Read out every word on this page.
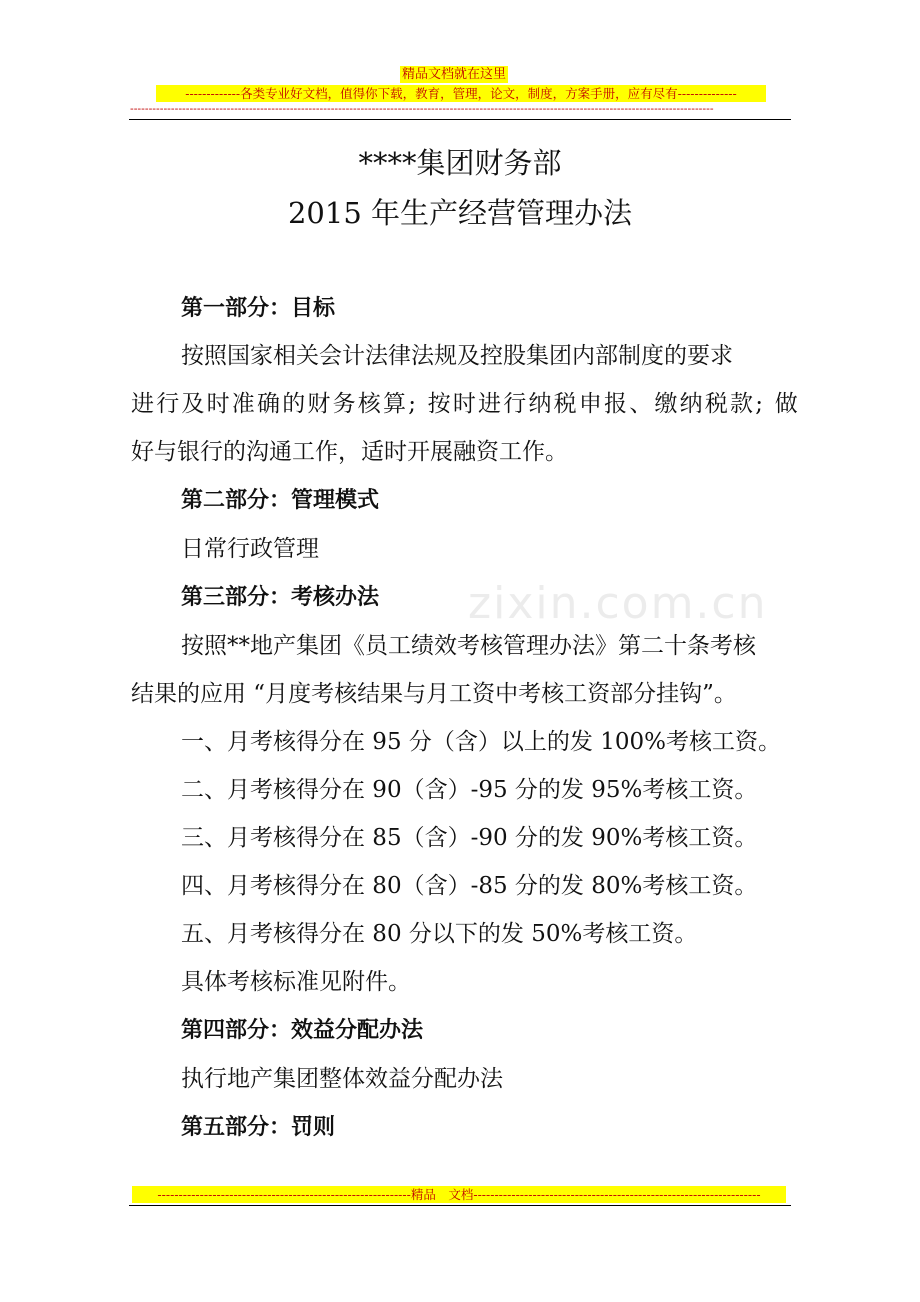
精品文档就在这里
-------------各类专业好文档，值得你下载，教育，管理，论文，制度，方案手册，应有尽有--------------
-------------------------------------------------------------------------------------------------------------------------------------------------------------
zixin.com.cn
****集团财务部
2015 年生产经营管理办法
第一部分：目标
按照国家相关会计法律法规及控股集团内部制度的要求
进行及时准确的财务核算; 按时进行纳税申报、缴纳税款; 做
好与银行的沟通工作，适时开展融资工作。
第二部分：管理模式
日常行政管理
第三部分：考核办法
按照**地产集团《员工绩效考核管理办法》第二十条考核
结果的应用 “月度考核结果与月工资中考核工资部分挂钩”。
一、月考核得分在 95 分（含）以上的发 100%考核工资。
二、月考核得分在 90（含）-95 分的发 95%考核工资。
三、月考核得分在 85（含）-90 分的发 90%考核工资。
四、月考核得分在 80（含）-85 分的发 80%考核工资。
五、月考核得分在 80 分以下的发 50%考核工资。
具体考核标准见附件。
第四部分：效益分配办法
执行地产集团整体效益分配办法
第五部分：罚则
------------------------------------------------------------精品　文档--------------------------------------------------------------------
